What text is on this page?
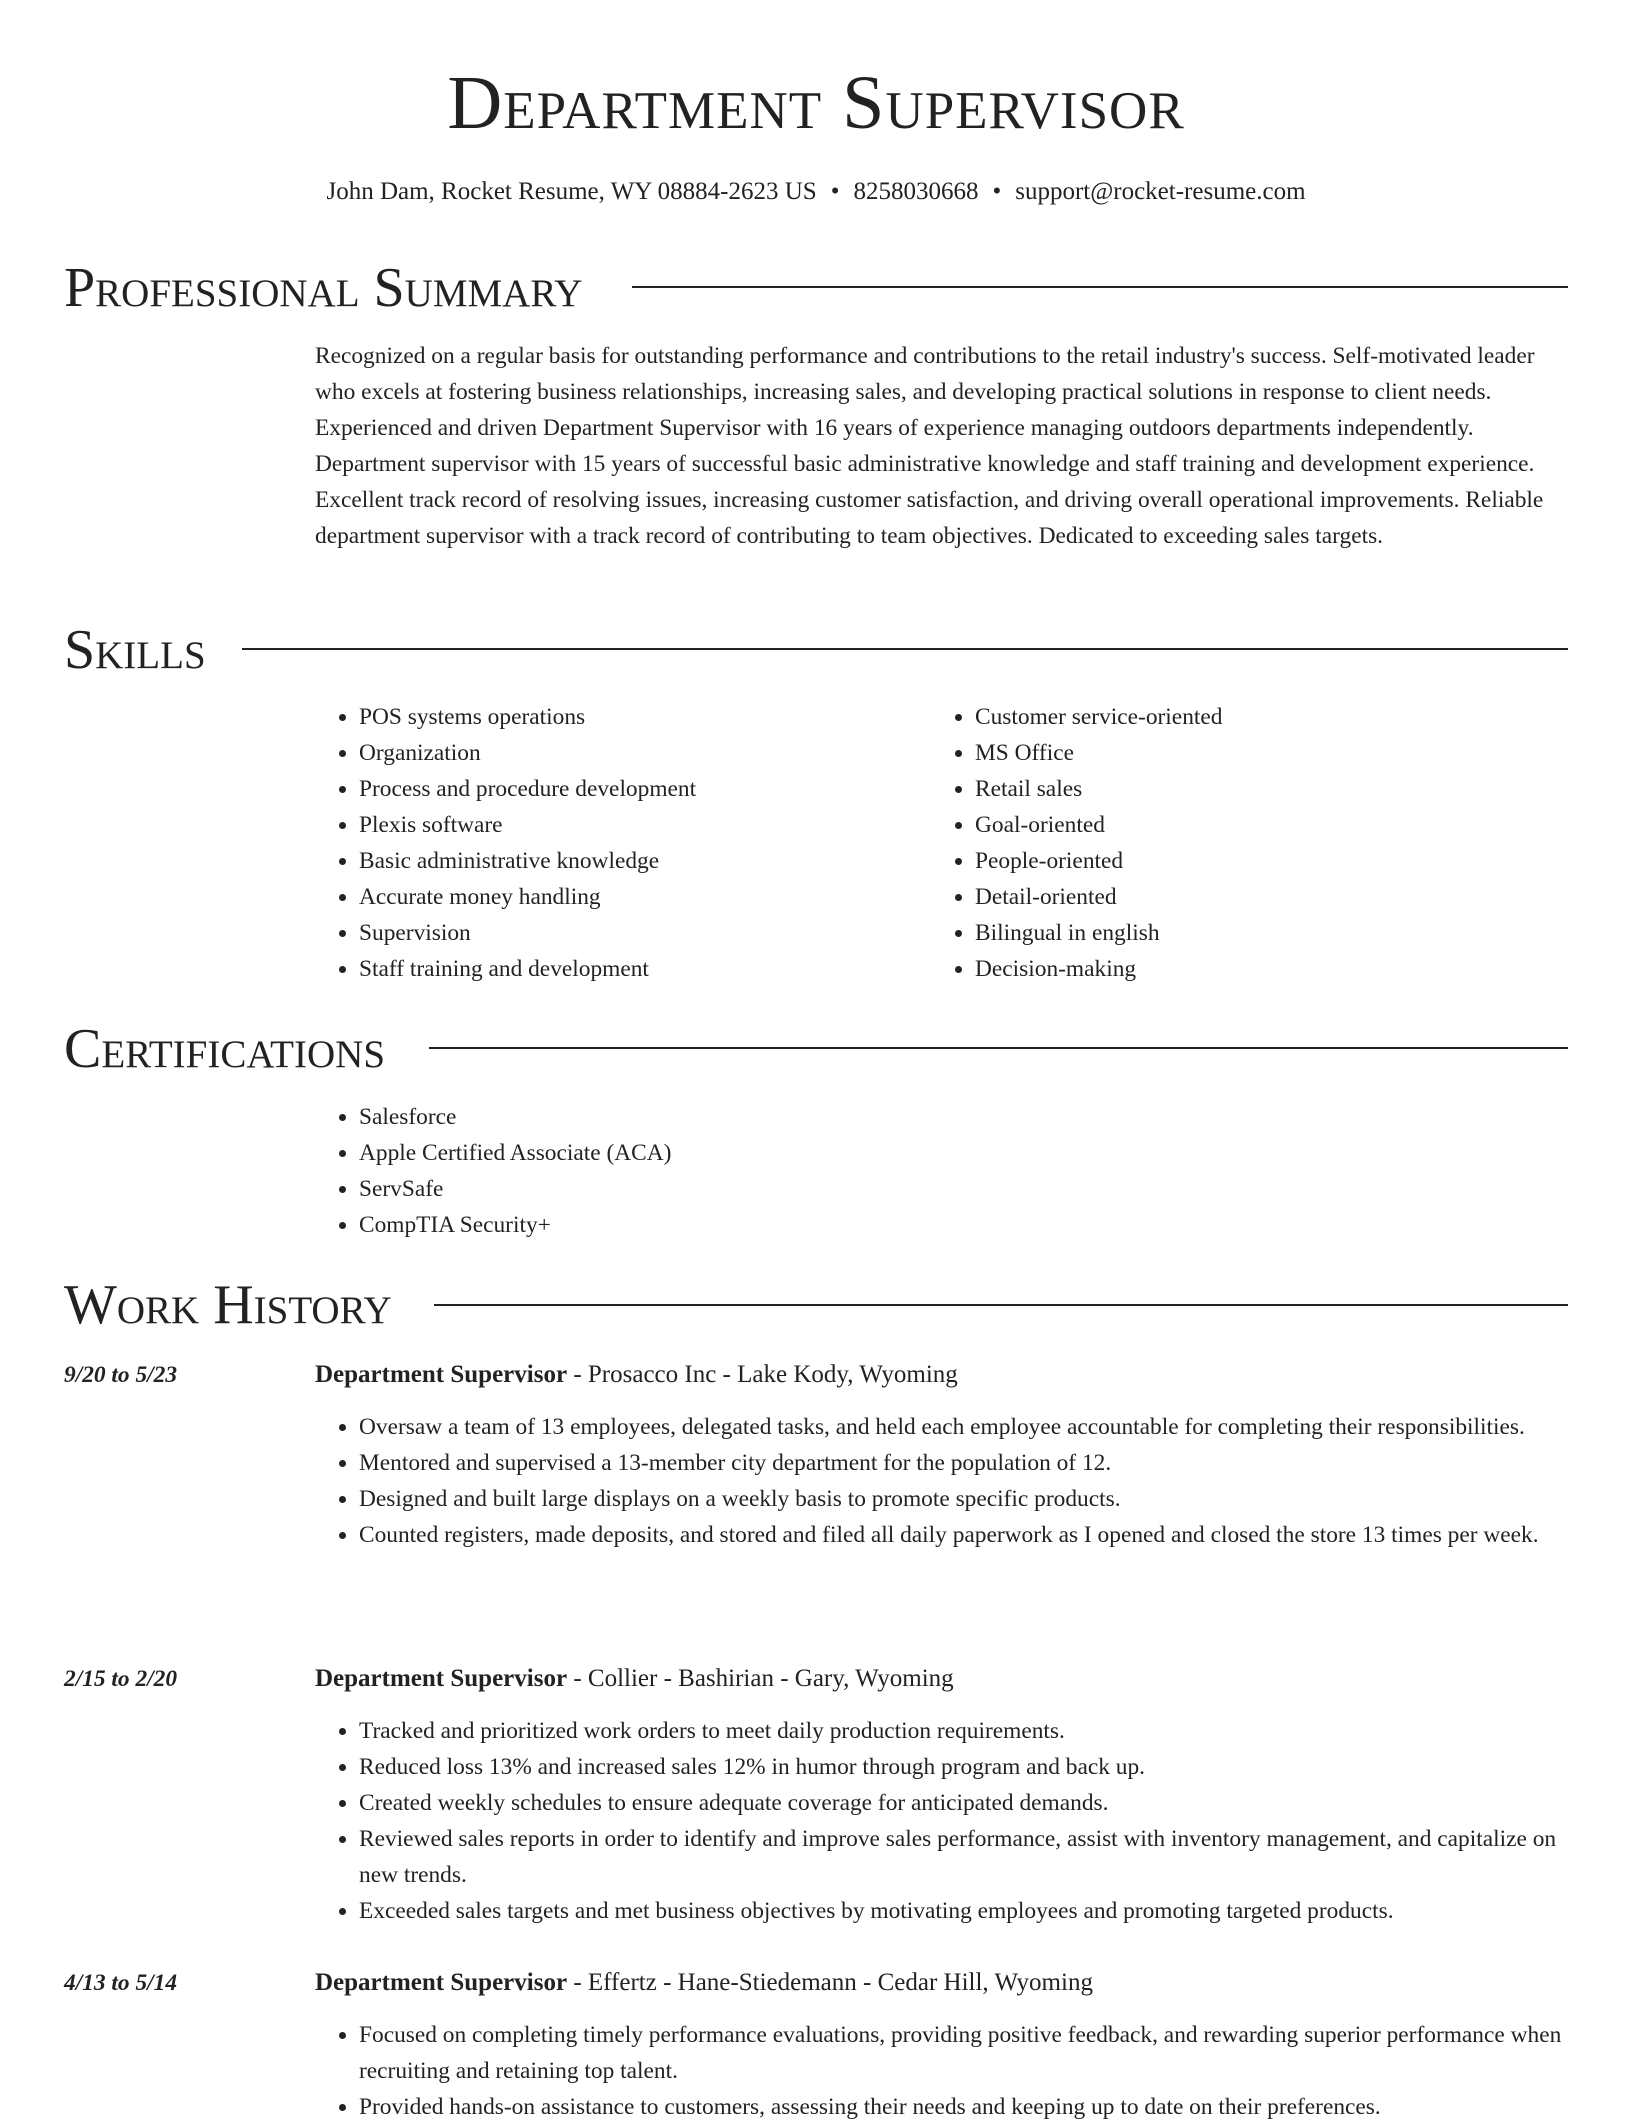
Department Supervisor
John Dam, Rocket Resume, WY 08884-2623 US • 8258030668 • support@rocket-resume.com
Professional Summary
Recognized on a regular basis for outstanding performance and contributions to the retail industry's success. Self-motivated leader who excels at fostering business relationships, increasing sales, and developing practical solutions in response to client needs. Experienced and driven Department Supervisor with 16 years of experience managing outdoors departments independently. Department supervisor with 15 years of successful basic administrative knowledge and staff training and development experience. Excellent track record of resolving issues, increasing customer satisfaction, and driving overall operational improvements. Reliable department supervisor with a track record of contributing to team objectives. Dedicated to exceeding sales targets.
Skills
• POS systems operations
• Organization
• Process and procedure development
• Plexis software
• Basic administrative knowledge
• Accurate money handling
• Supervision
• Staff training and development
• Customer service-oriented
• MS Office
• Retail sales
• Goal-oriented
• People-oriented
• Detail-oriented
• Bilingual in english
• Decision-making
Certifications
• Salesforce
• Apple Certified Associate (ACA)
• ServSafe
• CompTIA Security+
Work History
9/20 to 5/23	Department Supervisor - Prosacco Inc - Lake Kody, Wyoming
• Oversaw a team of 13 employees, delegated tasks, and held each employee accountable for completing their responsibilities.
• Mentored and supervised a 13-member city department for the population of 12.
• Designed and built large displays on a weekly basis to promote specific products.
• Counted registers, made deposits, and stored and filed all daily paperwork as I opened and closed the store 13 times per week.
2/15 to 2/20	Department Supervisor - Collier - Bashirian - Gary, Wyoming
• Tracked and prioritized work orders to meet daily production requirements.
• Reduced loss 13% and increased sales 12% in humor through program and back up.
• Created weekly schedules to ensure adequate coverage for anticipated demands.
• Reviewed sales reports in order to identify and improve sales performance, assist with inventory management, and capitalize on new trends.
• Exceeded sales targets and met business objectives by motivating employees and promoting targeted products.
4/13 to 5/14	Department Supervisor - Effertz - Hane-Stiedemann - Cedar Hill, Wyoming
• Focused on completing timely performance evaluations, providing positive feedback, and rewarding superior performance when recruiting and retaining top talent.
• Provided hands-on assistance to customers, assessing their needs and keeping up to date on their preferences.
